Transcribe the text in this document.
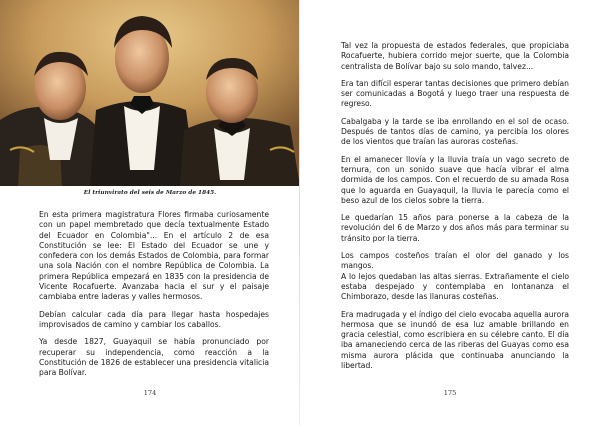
El triunvirato del seis de Marzo de 1845.

En esta primera magistratura Flores firmaba curiosamente con un papel membretado que decía textualmente Estado del Ecuador en Colombia"... En el artículo 2 de esa Constitución se lee: El Estado del Ecuador se une y confedera con los demás Estados de Colombia, para formar una sola Nación con el nombre República de Colombia. La primera República empezará en 1835 con la presidencia de Vicente Rocafuerte. Avanzaba hacia el sur y el paisaje cambiaba entre laderas y valles hermosos.

Debían calcular cada día para llegar hasta hospedajes improvisados de camino y cambiar los caballos.

Ya desde 1827, Guayaquil se había pronunciado por recuperar su independencia, como reacción a la Constitución de 1826 de establecer una presidencia vitalicia para Bolívar.

174

Tal vez la propuesta de estados federales, que propiciaba Rocafuerte, hubiera corrido mejor suerte, que la Colombia centralista de Bolívar bajo su solo mando, talvez...

Era tan difícil esperar tantas decisiones que primero debían ser comunicadas a Bogotá y luego traer una respuesta de regreso.

Cabalgaba y la tarde se iba enrollando en el sol de ocaso. Después de tantos días de camino, ya percibía los olores de los vientos que traían las auroras costeñas.

En el amanecer llovía y la lluvia traía un vago secreto de ternura, con un sonido suave que hacía vibrar el alma dormida de los campos. Con el recuerdo de su amada Rosa que lo aguarda en Guayaquil, la lluvia le parecía como el beso azul de los cielos sobre la tierra.

Le quedarían 15 años para ponerse a la cabeza de la revolución del 6 de Marzo y dos años más para terminar su tránsito por la tierra.

Los campos costeños traían el olor del ganado y los mangos.
A lo lejos quedaban las altas sierras. Extrañamente el cielo estaba despejado y contemplaba en lontananza el Chimborazo, desde las llanuras costeñas.

Era madrugada y el índigo del cielo evocaba aquella aurora hermosa que se inundó de esa luz amable brillando en gracia celestial, como escribiera en su célebre canto. El día iba amaneciendo cerca de las riberas del Guayas como esa misma aurora plácida que continuaba anunciando la libertad.

175
